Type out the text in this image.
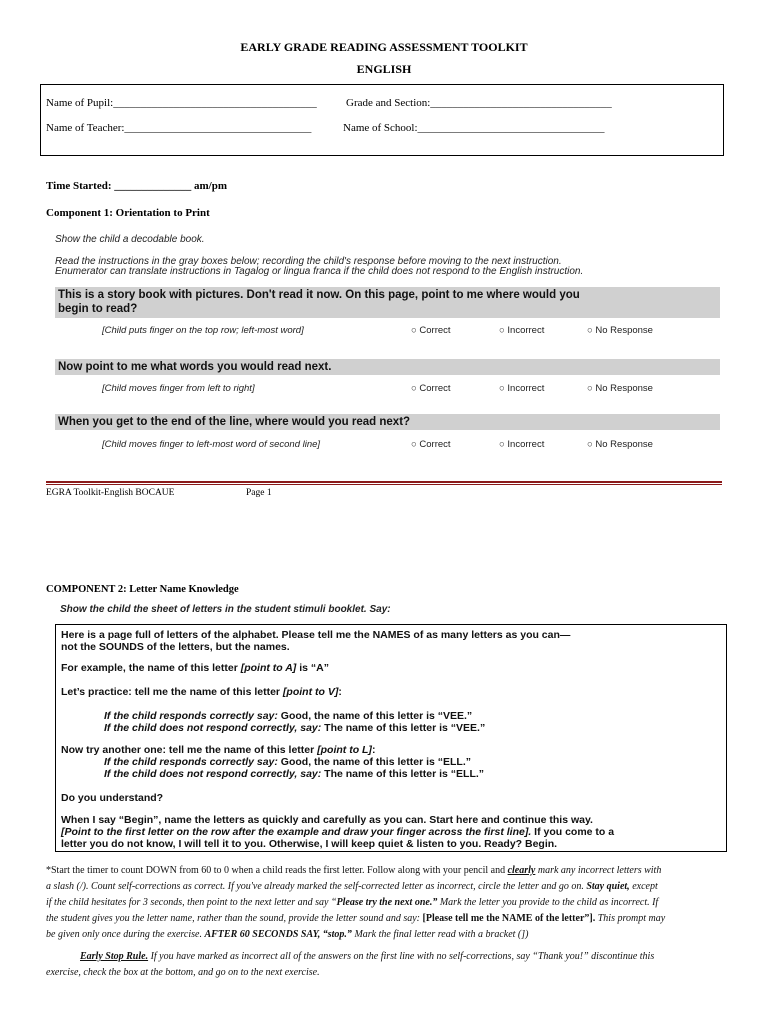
EARLY GRADE READING ASSESSMENT TOOLKIT
ENGLISH
Name of Pupil:_____________________________________	Grade and Section:_________________________________
Name of Teacher:__________________________________	Name of School:__________________________________
Time Started: ______________ am/pm
Component 1: Orientation to Print
Show the child a decodable book.
Read the instructions in the gray boxes below; recording the child's response before moving to the next instruction.
Enumerator can translate instructions in Tagalog or lingua franca if the child does not respond to the English instruction.
This is a story book with pictures. Don't read it now. On this page, point to me where would you
begin to read?
[Child puts finger on the top row; left-most word]	○ Correct	○ Incorrect	○ No Response
Now point to me what words you would read next.
[Child moves finger from left to right]	○ Correct	○ Incorrect	○ No Response
When you get to the end of the line, where would you read next?
[Child moves finger to left-most word of second line]	○ Correct	○ Incorrect	○ No Response
EGRA Toolkit-English BOCAUE	Page 1
COMPONENT 2: Letter Name Knowledge
Show the child the sheet of letters in the student stimuli booklet. Say:
Here is a page full of letters of the alphabet. Please tell me the NAMES of as many letters as you can—
not the SOUNDS of the letters, but the names.
For example, the name of this letter [point to A] is “A”
Let’s practice: tell me the name of this letter [point to V]:
If the child responds correctly say: Good, the name of this letter is “VEE.”
If the child does not respond correctly, say: The name of this letter is “VEE.”
Now try another one: tell me the name of this letter [point to L]:
If the child responds correctly say: Good, the name of this letter is “ELL.”
If the child does not respond correctly, say: The name of this letter is “ELL.”
Do you understand?
When I say “Begin”, name the letters as quickly and carefully as you can. Start here and continue this way.
[Point to the first letter on the row after the example and draw your finger across the first line]. If you come to a
letter you do not know, I will tell it to you. Otherwise, I will keep quiet & listen to you. Ready? Begin.
*Start the timer to count DOWN from 60 to 0 when a child reads the first letter. Follow along with your pencil and clearly mark any incorrect letters with
a slash (/). Count self-corrections as correct. If you've already marked the self-corrected letter as incorrect, circle the letter and go on. Stay quiet, except
if the child hesitates for 3 seconds, then point to the next letter and say “Please try the next one.” Mark the letter you provide to the child as incorrect. If
the student gives you the letter name, rather than the sound, provide the letter sound and say: [Please tell me the NAME of the letter”]. This prompt may
be given only once during the exercise. AFTER 60 SECONDS SAY, “stop.” Mark the final letter read with a bracket (])
Early Stop Rule. If you have marked as incorrect all of the answers on the first line with no self-corrections, say “Thank you!” discontinue this
exercise, check the box at the bottom, and go on to the next exercise.
